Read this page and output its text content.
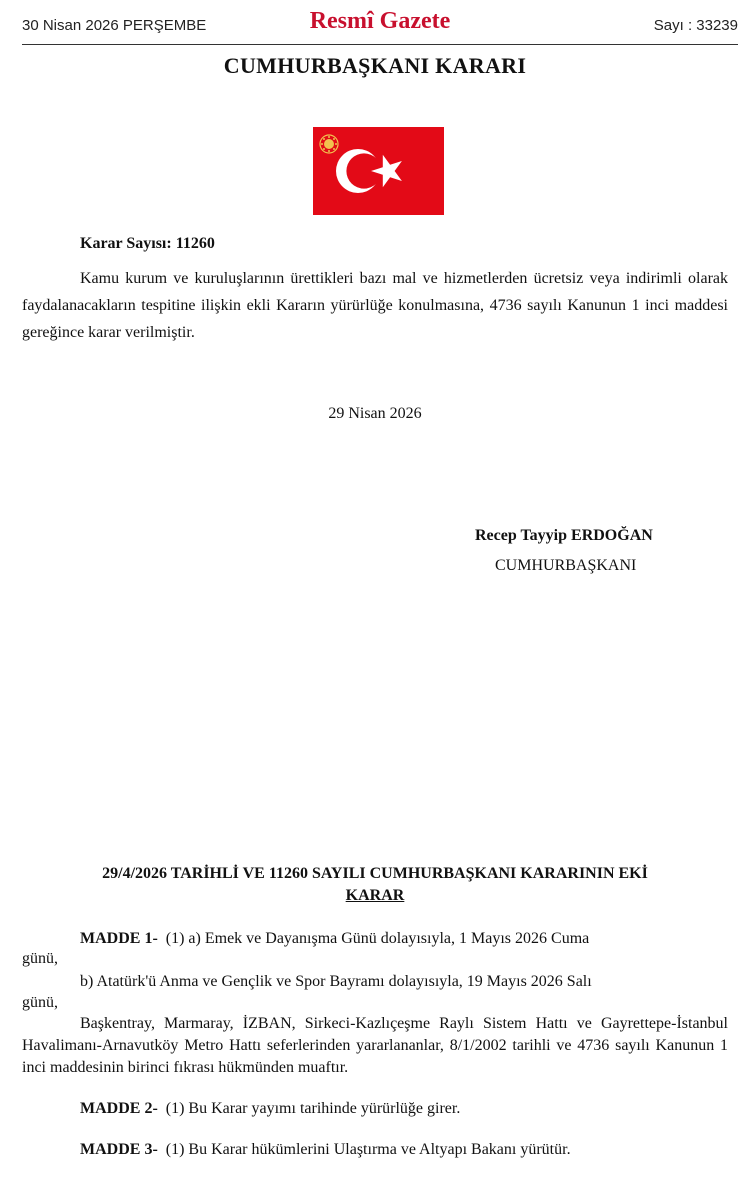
30 Nisan 2026 PERŞEMBE	Resmî Gazete	Sayı : 33239
CUMHURBAŞKANI KARARI
Karar Sayısı: 11260
Kamu kurum ve kuruluşlarının ürettikleri bazı mal ve hizmetlerden ücretsiz veya indirimli olarak faydalanacakların tespitine ilişkin ekli Kararın yürürlüğe konulmasına, 4736 sayılı Kanunun 1 inci maddesi gereğince karar verilmiştir.
29 Nisan 2026
Recep Tayyip ERDOĞAN
CUMHURBAŞKANI
29/4/2026 TARİHLİ VE 11260 SAYILI CUMHURBAŞKANI KARARININ EKİ
KARAR
MADDE 1- (1) a) Emek ve Dayanışma Günü dolayısıyla, 1 Mayıs 2026 Cuma
günü,
b) Atatürk'ü Anma ve Gençlik ve Spor Bayramı dolayısıyla, 19 Mayıs 2026 Salı
günü,
Başkentray, Marmaray, İZBAN, Sirkeci-Kazlıçeşme Raylı Sistem Hattı ve Gayrettepe-İstanbul Havalimanı-Arnavutköy Metro Hattı seferlerinden yararlananlar, 8/1/2002 tarihli ve 4736 sayılı Kanunun 1 inci maddesinin birinci fıkrası hükmünden muaftır.
MADDE 2- (1) Bu Karar yayımı tarihinde yürürlüğe girer.
MADDE 3- (1) Bu Karar hükümlerini Ulaştırma ve Altyapı Bakanı yürütür.
